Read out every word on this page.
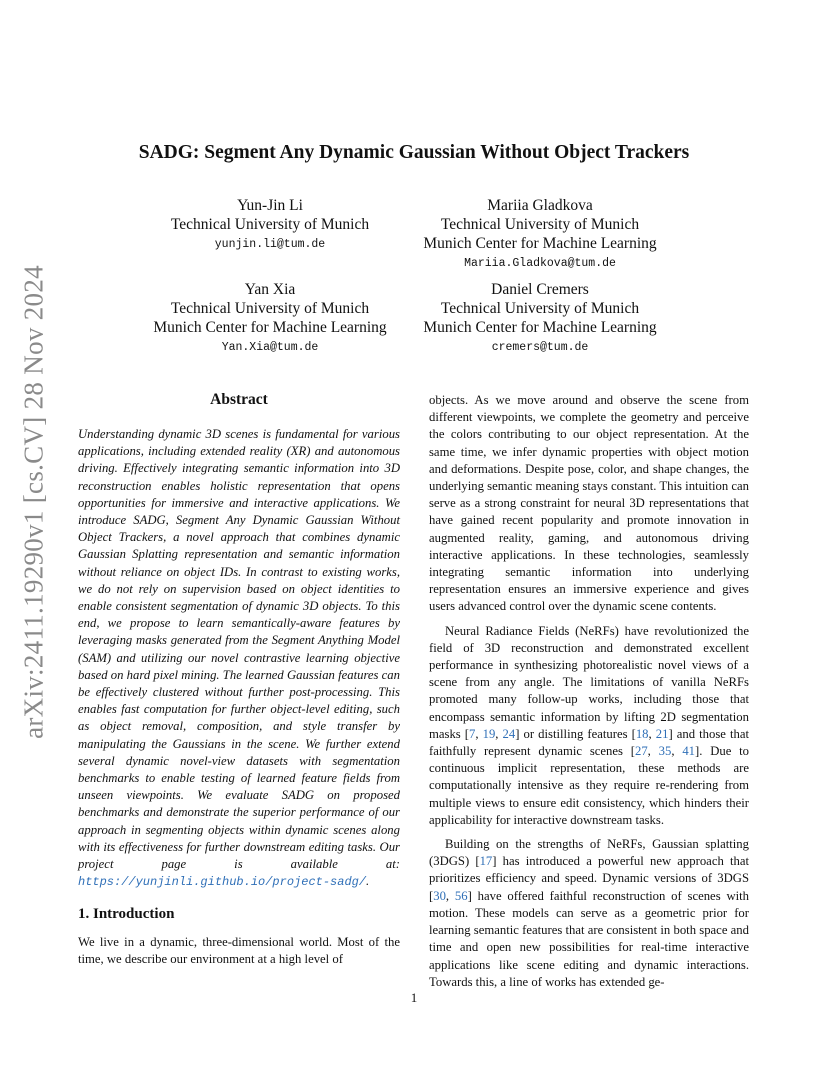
arXiv:2411.19290v1 [cs.CV] 28 Nov 2024
SADG: Segment Any Dynamic Gaussian Without Object Trackers
Yun-Jin Li
Technical University of Munich
yunjin.li@tum.de
Mariia Gladkova
Technical University of Munich
Munich Center for Machine Learning
Mariia.Gladkova@tum.de
Yan Xia
Technical University of Munich
Munich Center for Machine Learning
Yan.Xia@tum.de
Daniel Cremers
Technical University of Munich
Munich Center for Machine Learning
cremers@tum.de
Abstract
Understanding dynamic 3D scenes is fundamental for various applications, including extended reality (XR) and autonomous driving. Effectively integrating semantic information into 3D reconstruction enables holistic representation that opens opportunities for immersive and interactive applications. We introduce SADG, Segment Any Dynamic Gaussian Without Object Trackers, a novel approach that combines dynamic Gaussian Splatting representation and semantic information without reliance on object IDs. In contrast to existing works, we do not rely on supervision based on object identities to enable consistent segmentation of dynamic 3D objects. To this end, we propose to learn semantically-aware features by leveraging masks generated from the Segment Anything Model (SAM) and utilizing our novel contrastive learning objective based on hard pixel mining. The learned Gaussian features can be effectively clustered without further post-processing. This enables fast computation for further object-level editing, such as object removal, composition, and style transfer by manipulating the Gaussians in the scene. We further extend several dynamic novel-view datasets with segmentation benchmarks to enable testing of learned feature fields from unseen viewpoints. We evaluate SADG on proposed benchmarks and demonstrate the superior performance of our approach in segmenting objects within dynamic scenes along with its effectiveness for further downstream editing tasks. Our project page is available at: https://yunjinli.github.io/project-sadg/.
1. Introduction
We live in a dynamic, three-dimensional world. Most of the time, we describe our environment at a high level of

objects. As we move around and observe the scene from different viewpoints, we complete the geometry and perceive the colors contributing to our object representation. At the same time, we infer dynamic properties with object motion and deformations. Despite pose, color, and shape changes, the underlying semantic meaning stays constant. This intuition can serve as a strong constraint for neural 3D representations that have gained recent popularity and promote innovation in augmented reality, gaming, and autonomous driving interactive applications. In these technologies, seamlessly integrating semantic information into underlying representation ensures an immersive experience and gives users advanced control over the dynamic scene contents.

Neural Radiance Fields (NeRFs) have revolutionized the field of 3D reconstruction and demonstrated excellent performance in synthesizing photorealistic novel views of a scene from any angle. The limitations of vanilla NeRFs promoted many follow-up works, including those that encompass semantic information by lifting 2D segmentation masks [7, 19, 24] or distilling features [18, 21] and those that faithfully represent dynamic scenes [27, 35, 41]. Due to continuous implicit representation, these methods are computationally intensive as they require re-rendering from multiple views to ensure edit consistency, which hinders their applicability for interactive downstream tasks.

Building on the strengths of NeRFs, Gaussian splatting (3DGS) [17] has introduced a powerful new approach that prioritizes efficiency and speed. Dynamic versions of 3DGS [30, 56] have offered faithful reconstruction of scenes with motion. These models can serve as a geometric prior for learning semantic features that are consistent in both space and time and open new possibilities for real-time interactive applications like scene editing and dynamic interactions. Towards this, a line of works has extended ge-

1
